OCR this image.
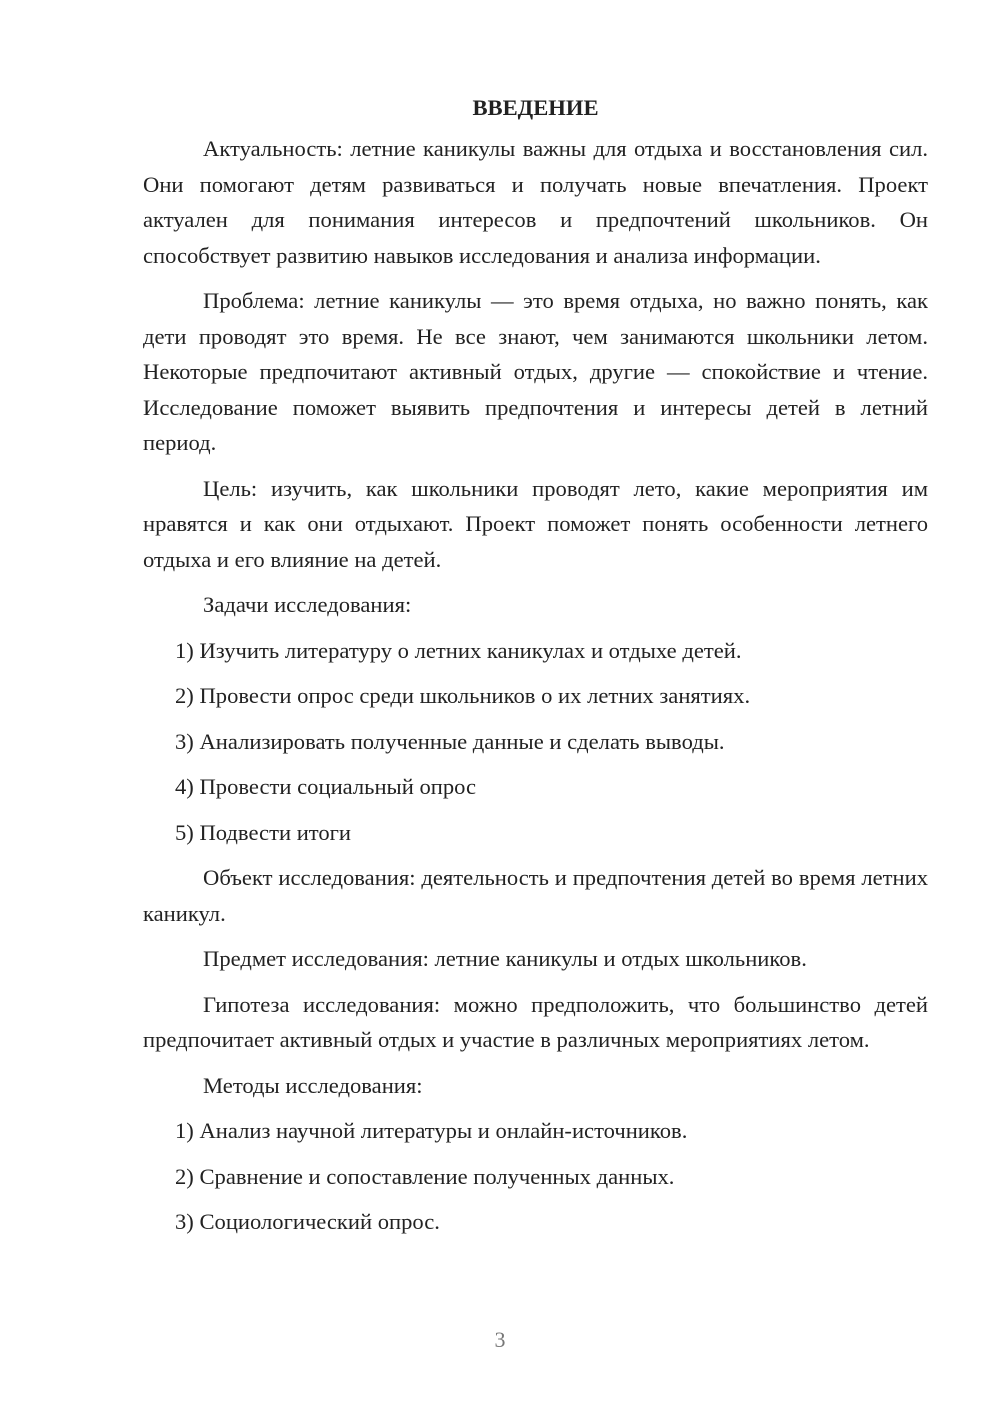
ВВЕДЕНИЕ

Актуальность: летние каникулы важны для отдыха и восстановления сил. Они помогают детям развиваться и получать новые впечатления. Проект актуален для понимания интересов и предпочтений школьников. Он способствует развитию навыков исследования и анализа информации.

Проблема: летние каникулы — это время отдыха, но важно понять, как дети проводят это время. Не все знают, чем занимаются школьники летом. Некоторые предпочитают активный отдых, другие — спокойствие и чтение. Исследование поможет выявить предпочтения и интересы детей в летний период.

Цель: изучить, как школьники проводят лето, какие мероприятия им нравятся и как они отдыхают. Проект поможет понять особенности летнего отдыха и его влияние на детей.

Задачи исследования:

1) Изучить литературу о летних каникулах и отдыхе детей.
2) Провести опрос среди школьников о их летних занятиях.
3) Анализировать полученные данные и сделать выводы.
4) Провести социальный опрос
5) Подвести итоги

Объект исследования: деятельность и предпочтения детей во время летних каникул.

Предмет исследования: летние каникулы и отдых школьников.

Гипотеза исследования: можно предположить, что большинство детей предпочитает активный отдых и участие в различных мероприятиях летом.

Методы исследования:

1) Анализ научной литературы и онлайн-источников.
2) Сравнение и сопоставление полученных данных.
3) Социологический опрос.
3
